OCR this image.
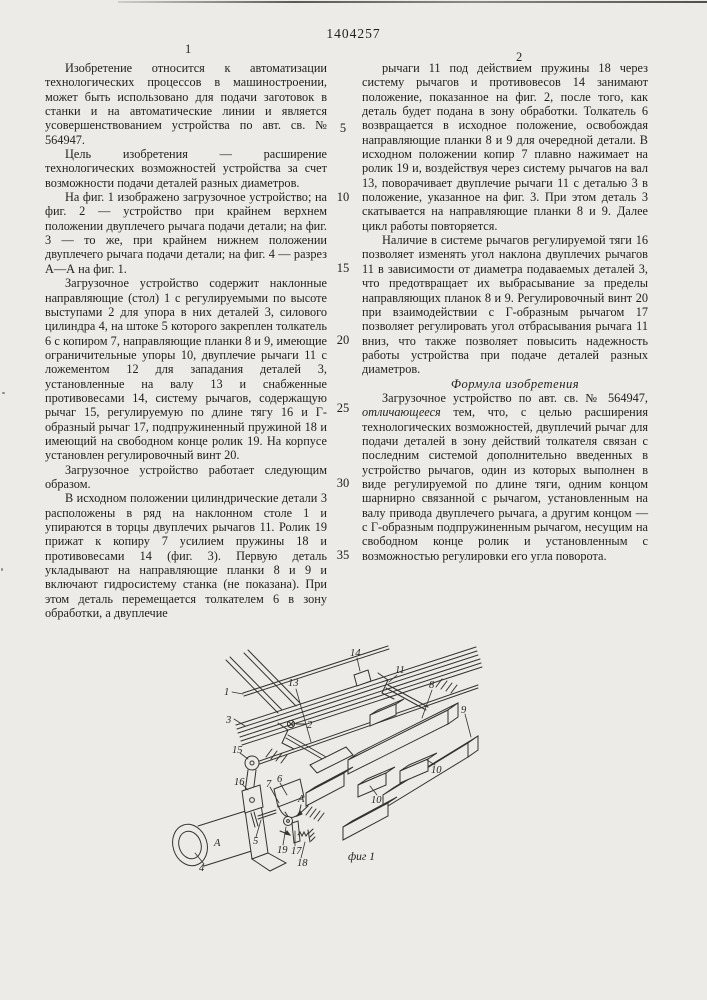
1404257
1
2
5
10
15
20
25
30
35

Изобретение относится к автоматизации технологических процессов в машиностроении, может быть использовано для подачи заготовок в станки и на автоматические линии и является усовершенствованием устройства по авт. св. № 564947.

Цель изобретения — расширение технологических возможностей устройства за счет возможности подачи деталей разных диаметров.

На фиг. 1 изображено загрузочное устройство; на фиг. 2 — устройство при крайнем верхнем положении двуплечего рычага подачи детали; на фиг. 3 — то же, при крайнем нижнем положении двуплечего рычага подачи детали; на фиг. 4 — разрез А—А на фиг. 1.

Загрузочное устройство содержит наклонные направляющие (стол) 1 с регулируемыми по высоте выступами 2 для упора в них деталей 3, силового цилиндра 4, на штоке 5 которого закреплен толкатель 6 с копиром 7, направляющие планки 8 и 9, имеющие ограничительные упоры 10, двуплечие рычаги 11 с ложементом 12 для западания деталей 3, установленные на валу 13 и снабженные противовесами 14, систему рычагов, содержащую рычаг 15, регулируемую по длине тягу 16 и Г-образный рычаг 17, подпружиненный пружиной 18 и имеющий на свободном конце ролик 19. На корпусе установлен регулировочный винт 20.

Загрузочное устройство работает следующим образом.

В исходном положении цилиндрические детали 3 расположены в ряд на наклонном столе 1 и упираются в торцы двуплечих рычагов 11. Ролик 19 прижат к копиру 7 усилием пружины 18 и противовесами 14 (фиг. 3). Первую деталь укладывают на направляющие планки 8 и 9 и включают гидросистему станка (не показана). При этом деталь перемещается толкателем 6 в зону обработки, а двуплечие

рычаги 11 под действием пружины 18 через систему рычагов и противовесов 14 занимают положение, показанное на фиг. 2, после того, как деталь будет подана в зону обработки. Толкатель 6 возвращается в исходное положение, освобождая направляющие планки 8 и 9 для очередной детали. В исходном положении копир 7 плавно нажимает на ролик 19 и, воздействуя через систему рычагов на вал 13, поворачивает двуплечие рычаги 11 с деталью 3 в положение, указанное на фиг. 3. При этом деталь 3 скатывается на направляющие планки 8 и 9. Далее цикл работы повторяется.

Наличие в системе рычагов регулируемой тяги 16 позволяет изменять угол наклона двуплечих рычагов 11 в зависимости от диаметра подаваемых деталей 3, что предотвращает их выбрасывание за пределы направляющих планок 8 и 9. Регулировочный винт 20 при взаимодействии с Г-образным рычагом 17 позволяет регулировать угол отбрасывания рычага 11 вниз, что также позволяет повысить надежность работы устройства при подаче деталей разных диаметров.

Формула изобретения

Загрузочное устройство по авт. св. № 564947, отличающееся тем, что, с целью расширения технологических возможностей, двуплечий рычаг для подачи деталей в зону действий толкателя связан с последним системой дополнительно введенных в устройство рычагов, один из которых выполнен в виде регулируемой по длине тяги, одним концом шарнирно связанной с рычагом, установленным на валу привода двуплечего рычага, а другим концом — с Г-образным подпружиненным рычагом, несущим на свободном конце ролик и установленным с возможностью регулировки его угла поворота.

1
3	2
13
14
11
8
9
10
10
15
16 7 6
5
19 17
18
4
A
A
фиг 1
